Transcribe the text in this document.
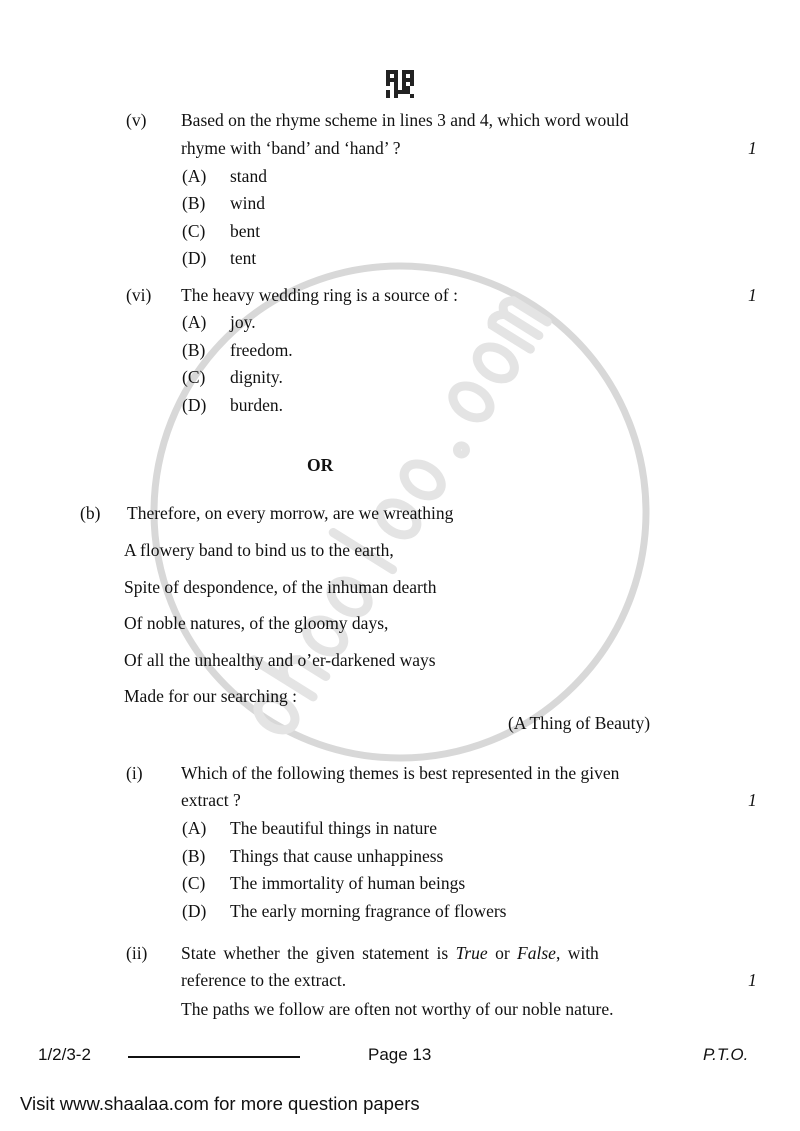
(v) Based on the rhyme scheme in lines 3 and 4, which word would
rhyme with ‘band’ and ‘hand’ ?	1
(A) stand
(B) wind
(C) bent
(D) tent
(vi) The heavy wedding ring is a source of :	1
(A) joy.
(B) freedom.
(C) dignity.
(D) burden.
OR
(b) Therefore, on every morrow, are we wreathing
A flowery band to bind us to the earth,
Spite of despondence, of the inhuman dearth
Of noble natures, of the gloomy days,
Of all the unhealthy and o’er-darkened ways
Made for our searching :
(A Thing of Beauty)
(i) Which of the following themes is best represented in the given
extract ?	1
(A) The beautiful things in nature
(B) Things that cause unhappiness
(C) The immortality of human beings
(D) The early morning fragrance of flowers
(ii) State whether the given statement is True or False , with
reference to the extract.	1
The paths we follow are often not worthy of our noble nature.
1/2/3-2	Page 13	P.T.O.
Visit www.shaalaa.com for more question papers
